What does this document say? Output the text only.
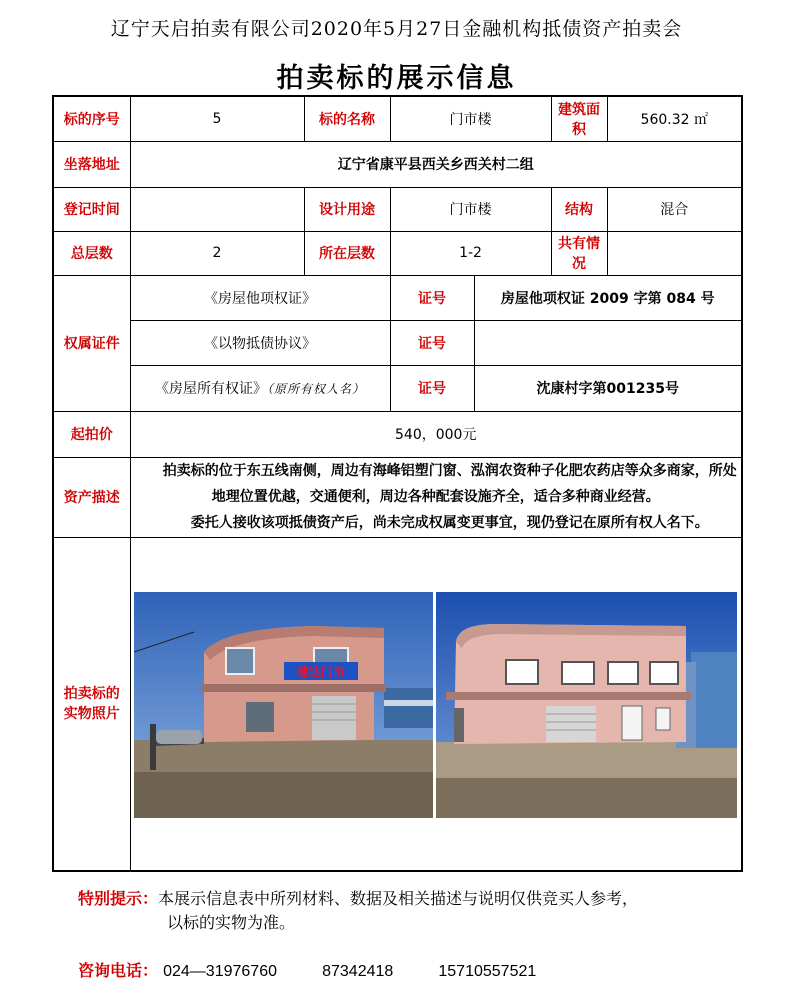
辽宁天启拍卖有限公司2020年5月27日金融机构抵债资产拍卖会
拍卖标的展示信息
标的序号	5	标的名称	门市楼		建筑面积	560.32 ㎡
坐落地址	辽宁省康平县西关乡西关村二组					
登记时间		设计用途	门市楼		结构	混合
总层数	2	所在层数	1-2		共有情况	
权属证件	《房屋他项权证》		证号	房屋他项权证 2009 字第 084 号		
	《以物抵债协议》		证号			
	《房屋所有权证》（原所有权人名）		证号	沈康村字第001235号		
起拍价	540，000元					
资产描述	拍卖标的位于东五线南侧，周边有海峰铝塑门窗、泓润农资种子化肥农药店等众多商家，所处地理位置优越，交通便利，周边各种配套设施齐全，适合多种商业经营。

委托人接收该项抵债资产后，尚未完成权属变更事宜，现仍登记在原所有权人名下。					

拍卖标的实物照片	建达门市					
特别提示：本展示信息表中所列材料、数据及相关描述与说明仅供竞买人参考，
以标的实物为准。
咨询电话： 024—31976760	87342418	15710557521
